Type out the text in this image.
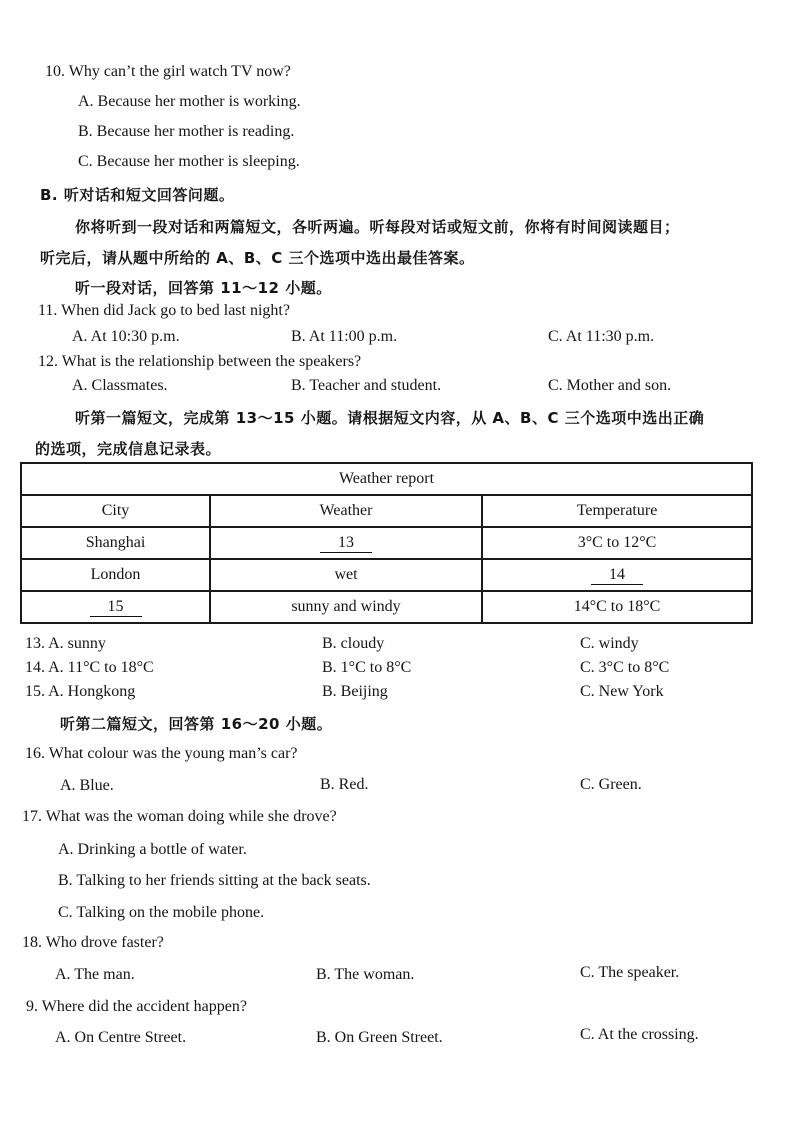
10. Why can’t the girl watch TV now?
A. Because her mother is working.
B. Because her mother is reading.
C. Because her mother is sleeping.
B. 听对话和短文回答问题。
你将听到一段对话和两篇短文，各听两遍。听每段对话或短文前，你将有时间阅读题目；
听完后，请从题中所给的 A、B、C 三个选项中选出最佳答案。
听一段对话，回答第 11～12 小题。
11. When did Jack go to bed last night?
A. At 10:30 p.m.	B. At 11:00 p.m.	C. At 11:30 p.m.
12. What is the relationship between the speakers?
A. Classmates.	B. Teacher and student.	C. Mother and son.
听第一篇短文，完成第 13～15 小题。请根据短文内容，从 A、B、C 三个选项中选出正确
的选项，完成信息记录表。
Weather report		
City	Weather	Temperature
Shanghai	13	3°C to 12°C
London	wet	14
15	sunny and windy	14°C to 18°C
13. A. sunny	B. cloudy	C. windy
14. A. 11°C to 18°C	B. 1°C to 8°C	C. 3°C to 8°C
15. A. Hongkong	B. Beijing	C. New York
听第二篇短文，回答第 16～20 小题。
16. What colour was the young man’s car?
A. Blue.	B. Red.	C. Green.
17. What was the woman doing while she drove?
A. Drinking a bottle of water.
B. Talking to her friends sitting at the back seats.
C. Talking on the mobile phone.
18. Who drove faster?
A. The man.	B. The woman.	C. The speaker.
9. Where did the accident happen?
A. On Centre Street.	B. On Green Street.	C. At the crossing.
